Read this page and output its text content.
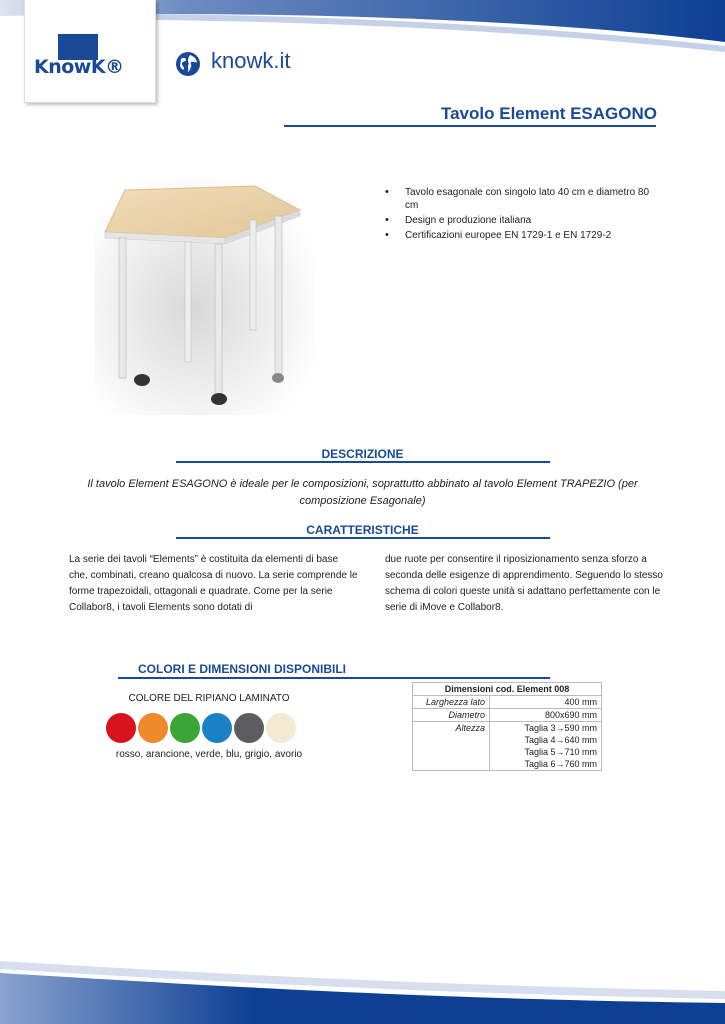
KnowK®	knowk.it
Tavolo Element ESAGONO
• Tavolo esagonale con singolo lato 40 cm e diametro 80 cm
• Design e produzione italiana
• Certificazioni europee EN 1729-1 e EN 1729-2
DESCRIZIONE
Il tavolo Element ESAGONO è ideale per le composizioni, soprattutto abbinato al tavolo Element TRAPEZIO (per composizione Esagonale)
CARATTERISTICHE
La serie dei tavoli “Elements” è costituita da elementi di base che, combinati, creano qualcosa di nuovo. La serie comprende le forme trapezoidali, ottagonali e quadrate. Come per la serie Collabor8, i tavoli Elements sono dotati di
due ruote per consentire il riposizionamento senza sforzo a seconda delle esigenze di apprendimento. Seguendo lo stesso schema di colori queste unità si adattano perfettamente con le serie di iMove e Collabor8.
COLORI E DIMENSIONI DISPONIBILI
COLORE DEL RIPIANO LAMINATO
rosso, arancione, verde, blu, grigio, avorio
Dimensioni cod. Element 008	
Larghezza lato	400 mm

Diametro	800x690 mm

Altezza	Taglia 3→590 mm
Taglia 4→640 mm
Taglia 5→710 mm
Taglia 6→760 mm
